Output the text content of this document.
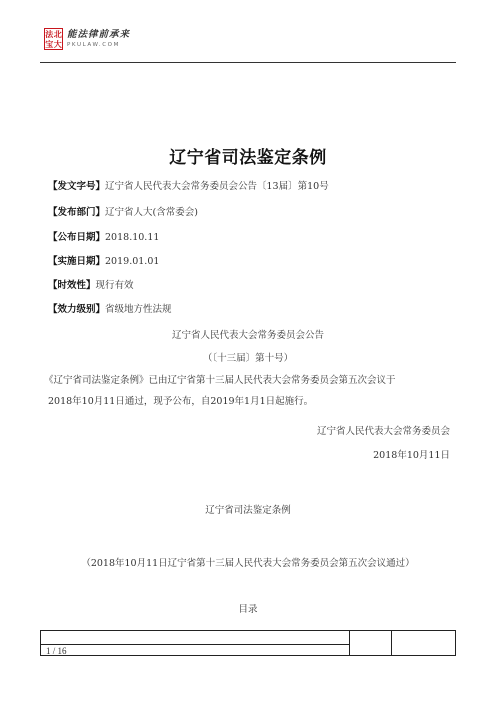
法 北
宝 大
能法律前承来
PKULAW.COM
辽宁省司法鉴定条例
【发文字号】辽宁省人民代表大会常务委员会公告〔13届〕第10号
【发布部门】辽宁省人大(含常委会)
【公布日期】2018.10.11
【实施日期】2019.01.01
【时效性】现行有效
【效力级别】省级地方性法规
辽宁省人民代表大会常务委员会公告
（〔十三届〕第十号）
《辽宁省司法鉴定条例》已由辽宁省第十三届人民代表大会常务委员会第五次会议于
2018年10月11日通过，现予公布，自2019年1月1日起施行。
辽宁省人民代表大会常务委员会
2018年10月11日
辽宁省司法鉴定条例
（2018年10月11日辽宁省第十三届人民代表大会常务委员会第五次会议通过）
目录
1 / 16
